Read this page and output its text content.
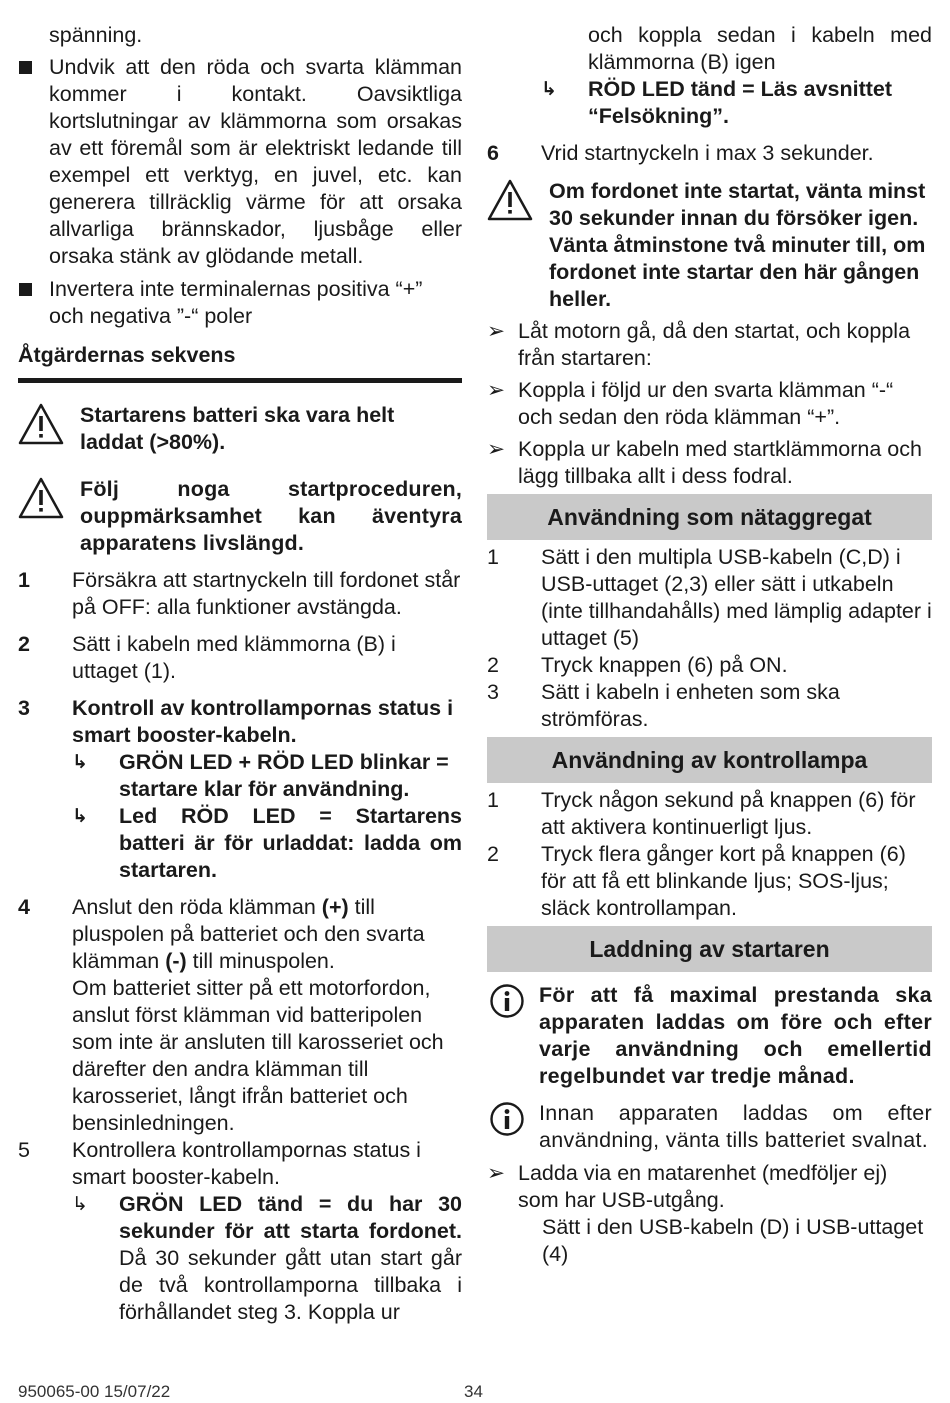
spänning.

Undvik att den röda och svarta klämman kommer i kontakt. Oavsiktliga kortslutningar av klämmorna som orsakas av ett föremål som är elektriskt ledande till exempel ett verktyg, en juvel, etc. kan generera tillräcklig värme för att orsaka allvarliga brännskador, ljusbåge eller orsaka stänk av glödande metall.
Invertera inte terminalernas positiva “+” och negativa ”-“ poler
Åtgärdernas sekvens
Startarens batteri ska vara helt laddat (>80%).
Följ noga startproceduren, ouppmärksamhet kan äventyra apparatens livslängd.
1 Försäkra att startnyckeln till fordonet står på OFF: alla funktioner avstängda.
2 Sätt i kabeln med klämmorna (B) i uttaget (1).
3 Kontroll av kontrollampornas status i smart booster-kabeln.
↳ GRÖN LED + RÖD LED blinkar = startare klar för användning.
↳ Led RÖD LED = Startarens batteri är för urladdat: ladda om startaren.
4 Anslut den röda klämman (+) till pluspolen på batteriet och den svarta klämman (-) till minuspolen.
Om batteriet sitter på ett motorfordon, anslut först klämman vid batteripolen som inte är ansluten till karosseriet och därefter den andra klämman till karosseriet, långt ifrån batteriet och bensinledningen.
5 Kontrollera kontrollampornas status i smart booster-kabeln.
↳ GRÖN LED tänd = du har 30 sekunder för att starta fordonet. Då 30 sekunder gått utan start går de två kontrollamporna tillbaka i förhållandet steg 3. Koppla ur
och koppla sedan i kabeln med klämmorna (B) igen
↳ RÖD LED tänd = Läs avsnittet “Felsökning”.
6 Vrid startnyckeln i max 3 sekunder.
Om fordonet inte startat, vänta minst 30 sekunder innan du försöker igen. Vänta åtminstone två minuter till, om fordonet inte startar den här gången heller.
➢ Låt motorn gå, då den startat, och koppla från startaren:
➢ Koppla i följd ur den svarta klämman “-“ och sedan den röda klämman “+”.
➢ Koppla ur kabeln med startklämmorna och lägg tillbaka allt i dess fodral.
Användning som nätaggregat
1 Sätt i den multipla USB-kabeln (C,D) i USB-uttaget (2,3) eller sätt i utkabeln (inte tillhandahålls) med lämplig adapter i uttaget (5)
2 Tryck knappen (6) på ON.
3 Sätt i kabeln i enheten som ska strömföras.
Användning av kontrollampa
1 Tryck någon sekund på knappen (6) för att aktivera kontinuerligt ljus.
2 Tryck flera gånger kort på knappen (6) för att få ett blinkande ljus; SOS-ljus; släck kontrollampan.
Laddning av startaren
För att få maximal prestanda ska apparaten laddas om före och efter varje användning och emellertid regelbundet var tredje månad.
Innan apparaten laddas om efter användning, vänta tills batteriet svalnat.
➢ Ladda via en matarenhet (medföljer ej) som har USB-utgång.
Sätt i den USB-kabeln (D) i USB-uttaget (4)
950065-00 15/07/22	34
